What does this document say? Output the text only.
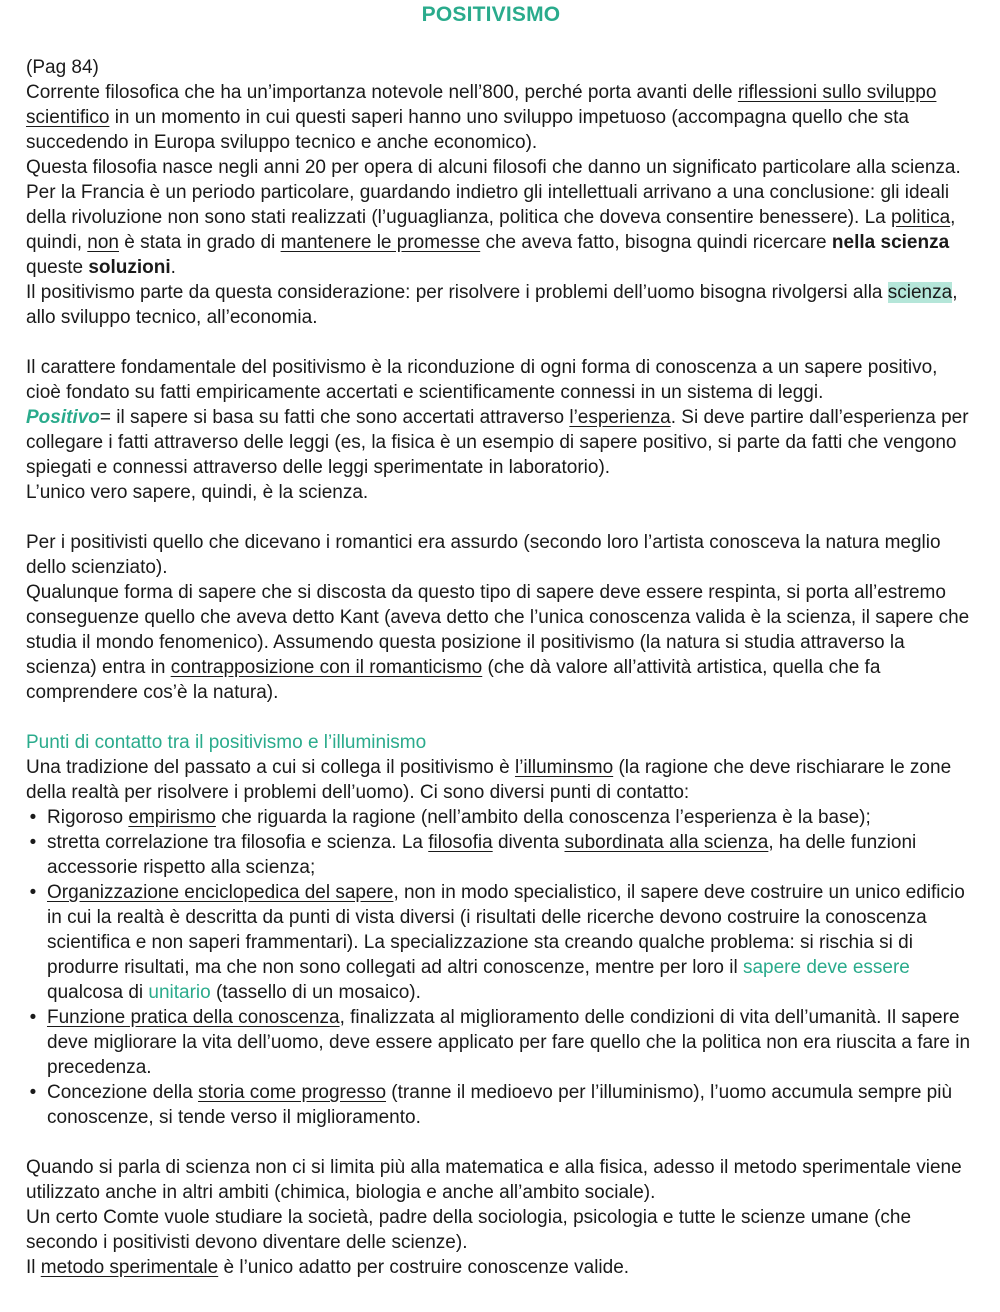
POSITIVISMO

(Pag 84)

Corrente filosofica che ha un’importanza notevole nell’800, perché porta avanti delle riflessioni sullo sviluppo scientifico in un momento in cui questi saperi hanno uno sviluppo impetuoso (accompagna quello che sta succedendo in Europa sviluppo tecnico e anche economico).

Questa filosofia nasce negli anni 20 per opera di alcuni filosofi che danno un significato particolare alla scienza. Per la Francia è un periodo particolare, guardando indietro gli intellettuali arrivano a una conclusione: gli ideali della rivoluzione non sono stati realizzati (l’uguaglianza, politica che doveva consentire benessere). La politica, quindi, non è stata in grado di mantenere le promesse che aveva fatto, bisogna quindi ricercare nella scienza queste soluzioni.

Il positivismo parte da questa considerazione: per risolvere i problemi dell’uomo bisogna rivolgersi alla scienza, allo sviluppo tecnico, all’economia.

Il carattere fondamentale del positivismo è la riconduzione di ogni forma di conoscenza a un sapere positivo, cioè fondato su fatti empiricamente accertati e scientificamente connessi in un sistema di leggi.

Positivo= il sapere si basa su fatti che sono accertati attraverso l’esperienza. Si deve partire dall’esperienza per collegare i fatti attraverso delle leggi (es, la fisica è un esempio di sapere positivo, si parte da fatti che vengono spiegati e connessi attraverso delle leggi sperimentate in laboratorio).

L’unico vero sapere, quindi, è la scienza.

Per i positivisti quello che dicevano i romantici era assurdo (secondo loro l’artista conosceva la natura meglio dello scienziato).

Qualunque forma di sapere che si discosta da questo tipo di sapere deve essere respinta, si porta all’estremo conseguenze quello che aveva detto Kant (aveva detto che l’unica conoscenza valida è la scienza, il sapere che studia il mondo fenomenico). Assumendo questa posizione il positivismo (la natura si studia attraverso la scienza) entra in contrapposizione con il romanticismo (che dà valore all’attività artistica, quella che fa comprendere cos’è la natura).

Punti di contatto tra il positivismo e l’illuminismo

Una tradizione del passato a cui si collega il positivismo è l’illuminsmo (la ragione che deve rischiarare le zone della realtà per risolvere i problemi dell’uomo). Ci sono diversi punti di contatto:

• Rigoroso empirismo che riguarda la ragione (nell’ambito della conoscenza l’esperienza è la base);
• stretta correlazione tra filosofia e scienza. La filosofia diventa subordinata alla scienza, ha delle funzioni accessorie rispetto alla scienza;
• Organizzazione enciclopedica del sapere, non in modo specialistico, il sapere deve costruire un unico edificio in cui la realtà è descritta da punti di vista diversi (i risultati delle ricerche devono costruire la conoscenza scientifica e non saperi frammentari). La specializzazione sta creando qualche problema: si rischia si di produrre risultati, ma che non sono collegati ad altri conoscenze, mentre per loro il sapere deve essere qualcosa di unitario (tassello di un mosaico).
• Funzione pratica della conoscenza, finalizzata al miglioramento delle condizioni di vita dell’umanità. Il sapere deve migliorare la vita dell’uomo, deve essere applicato per fare quello che la politica non era riuscita a fare in precedenza.
• Concezione della storia come progresso (tranne il medioevo per l’illuminismo), l’uomo accumula sempre più conoscenze, si tende verso il miglioramento.

Quando si parla di scienza non ci si limita più alla matematica e alla fisica, adesso il metodo sperimentale viene utilizzato anche in altri ambiti (chimica, biologia e anche all’ambito sociale).

Un certo Comte vuole studiare la società, padre della sociologia, psicologia e tutte le scienze umane (che secondo i positivisti devono diventare delle scienze).

Il metodo sperimentale è l’unico adatto per costruire conoscenze valide.
